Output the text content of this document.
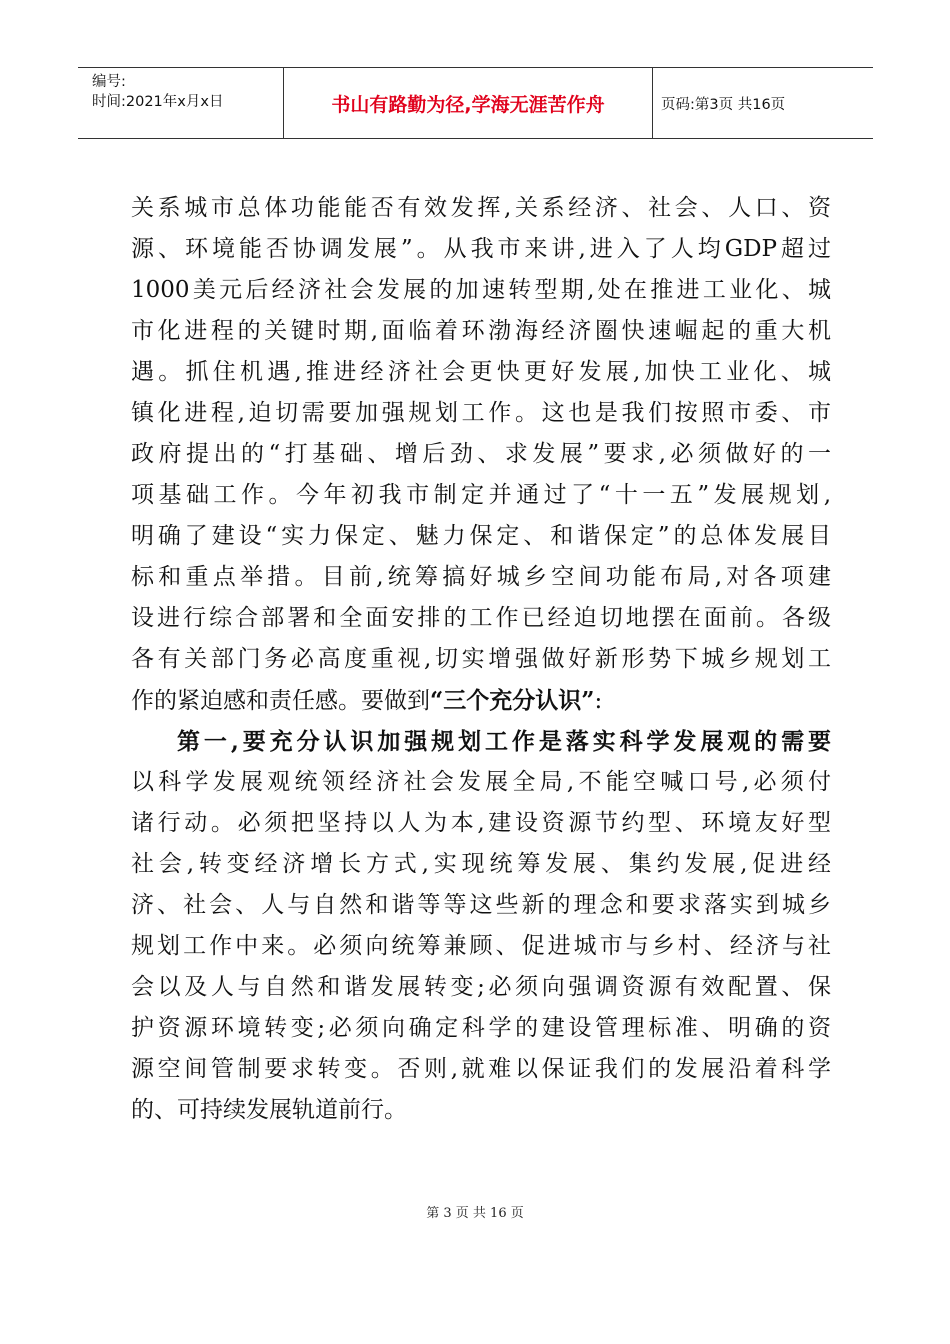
编号:
时间:2021年x月x日	书山有路勤为径,学海无涯苦作舟	页码:第3页 共16页
关系城市总体功能能否有效发挥,关系经济、社会、人口、资
源、环境能否协调发展”。从我市来讲,进入了人均GDP超过
1000美元后经济社会发展的加速转型期,处在推进工业化、城
市化进程的关键时期,面临着环渤海经济圈快速崛起的重大机
遇。抓住机遇,推进经济社会更快更好发展,加快工业化、城
镇化进程,迫切需要加强规划工作。这也是我们按照市委、市
政府提出的“打基础、增后劲、求发展”要求,必须做好的一
项基础工作。今年初我市制定并通过了“十一五”发展规划,
明确了建设“实力保定、魅力保定、和谐保定”的总体发展目
标和重点举措。目前,统筹搞好城乡空间功能布局,对各项建
设进行综合部署和全面安排的工作已经迫切地摆在面前。各级
各有关部门务必高度重视,切实增强做好新形势下城乡规划工
作的紧迫感和责任感。要做到“三个充分认识”:
第一,要充分认识加强规划工作是落实科学发展观的需要
以科学发展观统领经济社会发展全局,不能空喊口号,必须付
诸行动。必须把坚持以人为本,建设资源节约型、环境友好型
社会,转变经济增长方式,实现统筹发展、集约发展,促进经
济、社会、人与自然和谐等等这些新的理念和要求落实到城乡
规划工作中来。必须向统筹兼顾、促进城市与乡村、经济与社
会以及人与自然和谐发展转变;必须向强调资源有效配置、保
护资源环境转变;必须向确定科学的建设管理标准、明确的资
源空间管制要求转变。否则,就难以保证我们的发展沿着科学
的、可持续发展轨道前行。
第 3 页 共 16 页
